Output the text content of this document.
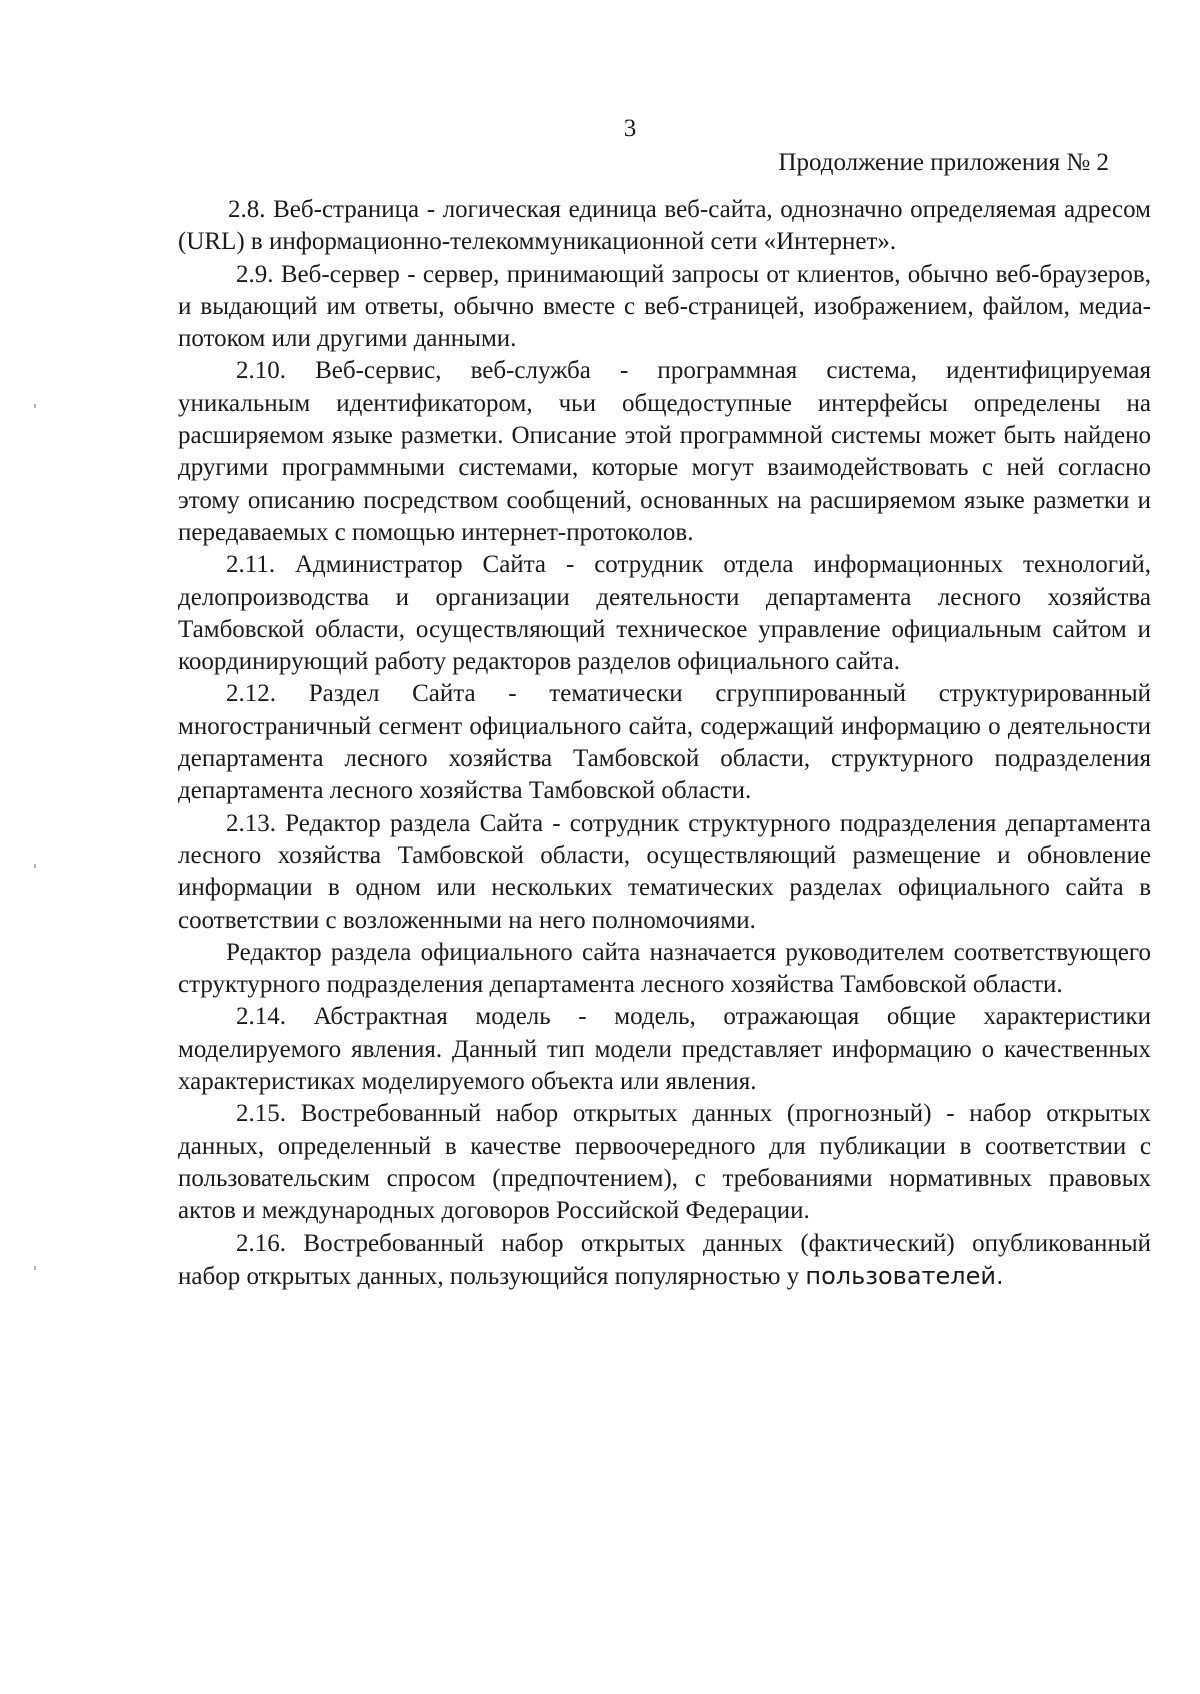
3
Продолжение приложения № 2

2.8. Веб-страница - логическая единица веб-сайта, однозначно определяемая адресом (URL) в информационно-телекоммуникационной сети «Интернет».

2.9. Веб-сервер - сервер, принимающий запросы от клиентов, обычно веб-браузеров, и выдающий им ответы, обычно вместе с веб-страницей, изображением, файлом, медиа-потоком или другими данными.

2.10. Веб-сервис, веб-служба - программная система, идентифицируемая уникальным идентификатором, чьи общедоступные интерфейсы определены на расширяемом языке разметки. Описание этой программной системы может быть найдено другими программными системами, которые могут взаимодействовать с ней согласно этому описанию посредством сообщений, основанных на расширяемом языке разметки и передаваемых с помощью интернет-протоколов.

2.11. Администратор Сайта - сотрудник отдела информационных технологий, делопроизводства и организации деятельности департамента лесного хозяйства Тамбовской области, осуществляющий техническое управление официальным сайтом и координирующий работу редакторов разделов официального сайта.

2.12. Раздел Сайта - тематически сгруппированный структурированный многостраничный сегмент официального сайта, содержащий информацию о деятельности департамента лесного хозяйства Тамбовской области, структурного подразделения департамента лесного хозяйства Тамбовской области.

2.13. Редактор раздела Сайта - сотрудник структурного подразделения департамента лесного хозяйства Тамбовской области, осуществляющий размещение и обновление информации в одном или нескольких тематических разделах официального сайта в соответствии с возложенными на него полномочиями.

Редактор раздела официального сайта назначается руководителем соответствующего структурного подразделения департамента лесного хозяйства Тамбовской области.

2.14. Абстрактная модель - модель, отражающая общие характеристики моделируемого явления. Данный тип модели представляет информацию о качественных характеристиках моделируемого объекта или явления.

2.15. Востребованный набор открытых данных (прогнозный) - набор открытых данных, определенный в качестве первоочередного для публикации в соответствии с пользовательским спросом (предпочтением), с требованиями нормативных правовых актов и международных договоров Российской Федерации.

2.16. Востребованный набор открытых данных (фактический) опубликованный набор открытых данных, пользующийся популярностью у пользователей.
